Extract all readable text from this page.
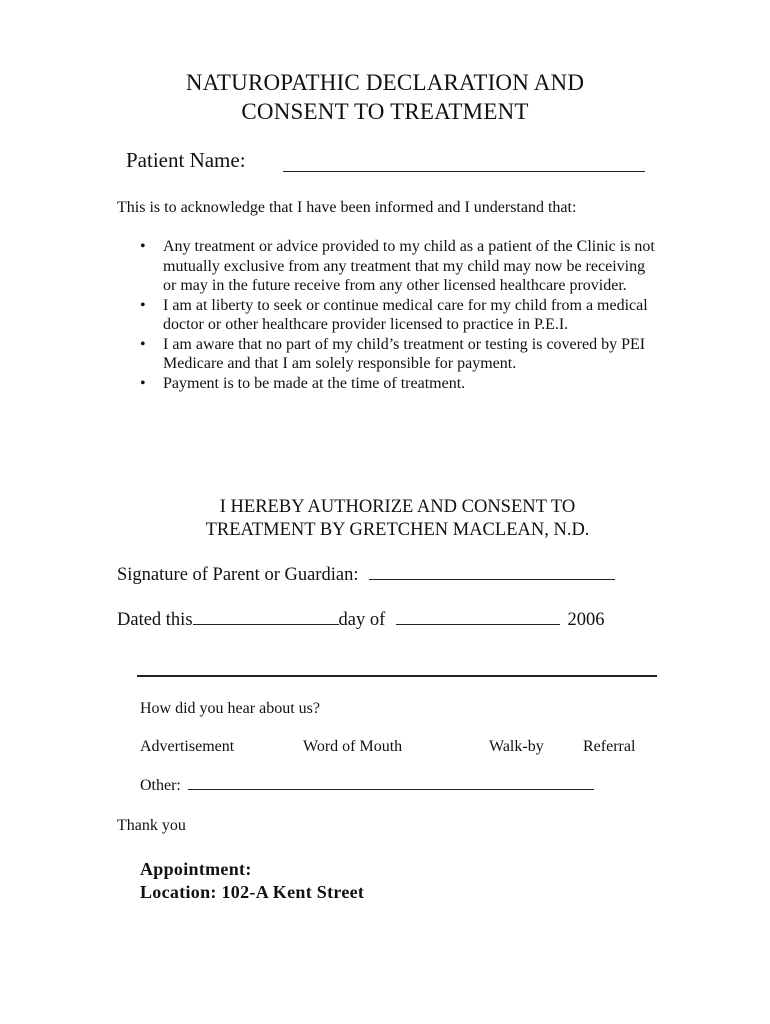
NATUROPATHIC DECLARATION AND
CONSENT TO TREATMENT
Patient Name:
This is to acknowledge that I have been informed and I understand that:
• Any treatment or advice provided to my child as a patient of the Clinic is not mutually exclusive from any treatment that my child may now be receiving or may in the future receive from any other licensed healthcare provider.
• I am at liberty to seek or continue medical care for my child from a medical doctor or other healthcare provider licensed to practice in P.E.I.
• I am aware that no part of my child’s treatment or testing is covered by PEI Medicare and that I am solely responsible for payment.
• Payment is to be made at the time of treatment.
I HEREBY AUTHORIZE AND CONSENT TO
TREATMENT BY GRETCHEN MACLEAN, N.D.
Signature of Parent or Guardian:
Dated this	day of	2006
How did you hear about us?
Advertisement	Word of Mouth	Walk-by Referral
Other:
Thank you
Appointment:
Location: 102-A Kent Street
